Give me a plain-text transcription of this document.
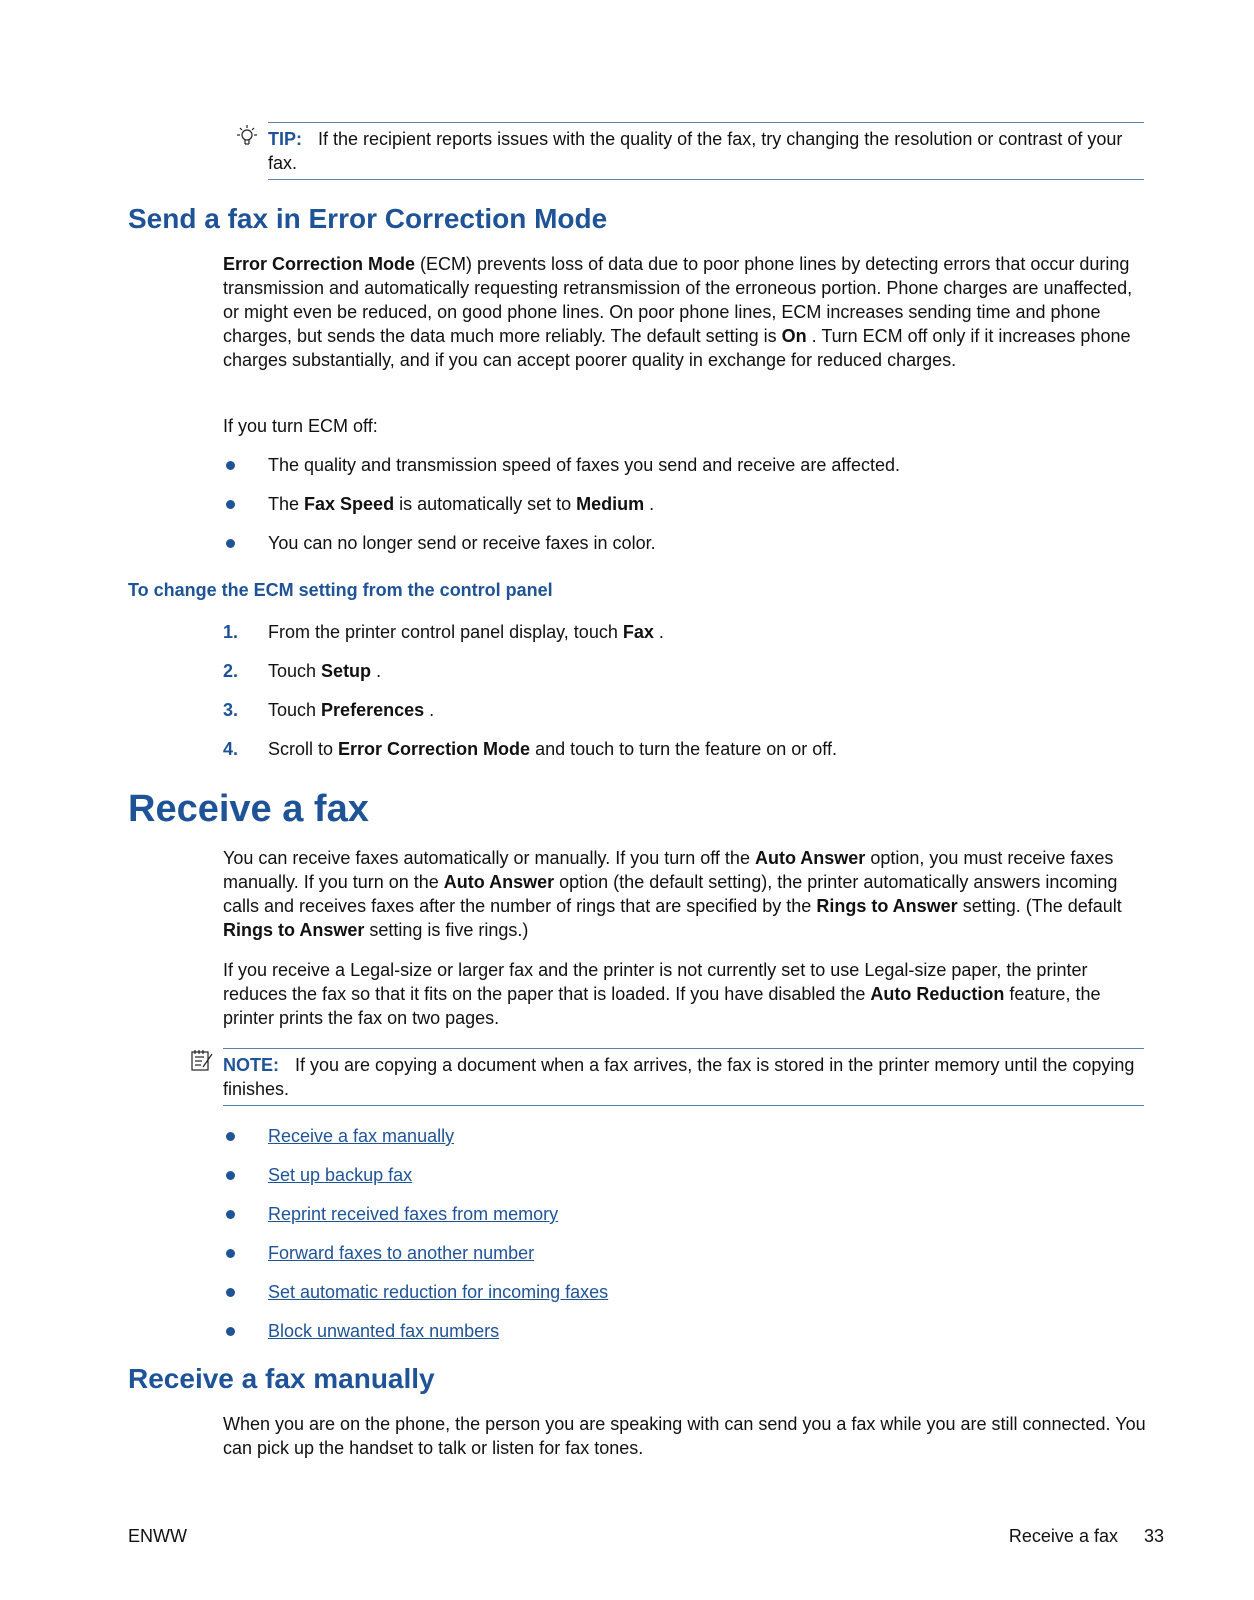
TIP: If the recipient reports issues with the quality of the fax, try changing the resolution or contrast of your fax.
Send a fax in Error Correction Mode

Error Correction Mode (ECM) prevents loss of data due to poor phone lines by detecting errors that occur during transmission and automatically requesting retransmission of the erroneous portion. Phone charges are unaffected, or might even be reduced, on good phone lines. On poor phone lines, ECM increases sending time and phone charges, but sends the data much more reliably. The default setting is On . Turn ECM off only if it increases phone charges substantially, and if you can accept poorer quality in exchange for reduced charges.

If you turn ECM off:

The quality and transmission speed of faxes you send and receive are affected.
The Fax Speed is automatically set to Medium .
You can no longer send or receive faxes in color.
To change the ECM setting from the control panel
1. From the printer control panel display, touch Fax .
2. Touch Setup .
3. Touch Preferences .
4. Scroll to Error Correction Mode and touch to turn the feature on or off.
Receive a fax

You can receive faxes automatically or manually. If you turn off the Auto Answer option, you must receive faxes manually. If you turn on the Auto Answer option (the default setting), the printer automatically answers incoming calls and receives faxes after the number of rings that are specified by the Rings to Answer setting. (The default Rings to Answer setting is five rings.)

If you receive a Legal-size or larger fax and the printer is not currently set to use Legal-size paper, the printer reduces the fax so that it fits on the paper that is loaded. If you have disabled the Auto Reduction feature, the printer prints the fax on two pages.

NOTE: If you are copying a document when a fax arrives, the fax is stored in the printer memory until the copying finishes.
Receive a fax manually
Set up backup fax
Reprint received faxes from memory
Forward faxes to another number
Set automatic reduction for incoming faxes
Block unwanted fax numbers
Receive a fax manually

When you are on the phone, the person you are speaking with can send you a fax while you are still connected. You can pick up the handset to talk or listen for fax tones.

ENWW	Receive a fax 33
